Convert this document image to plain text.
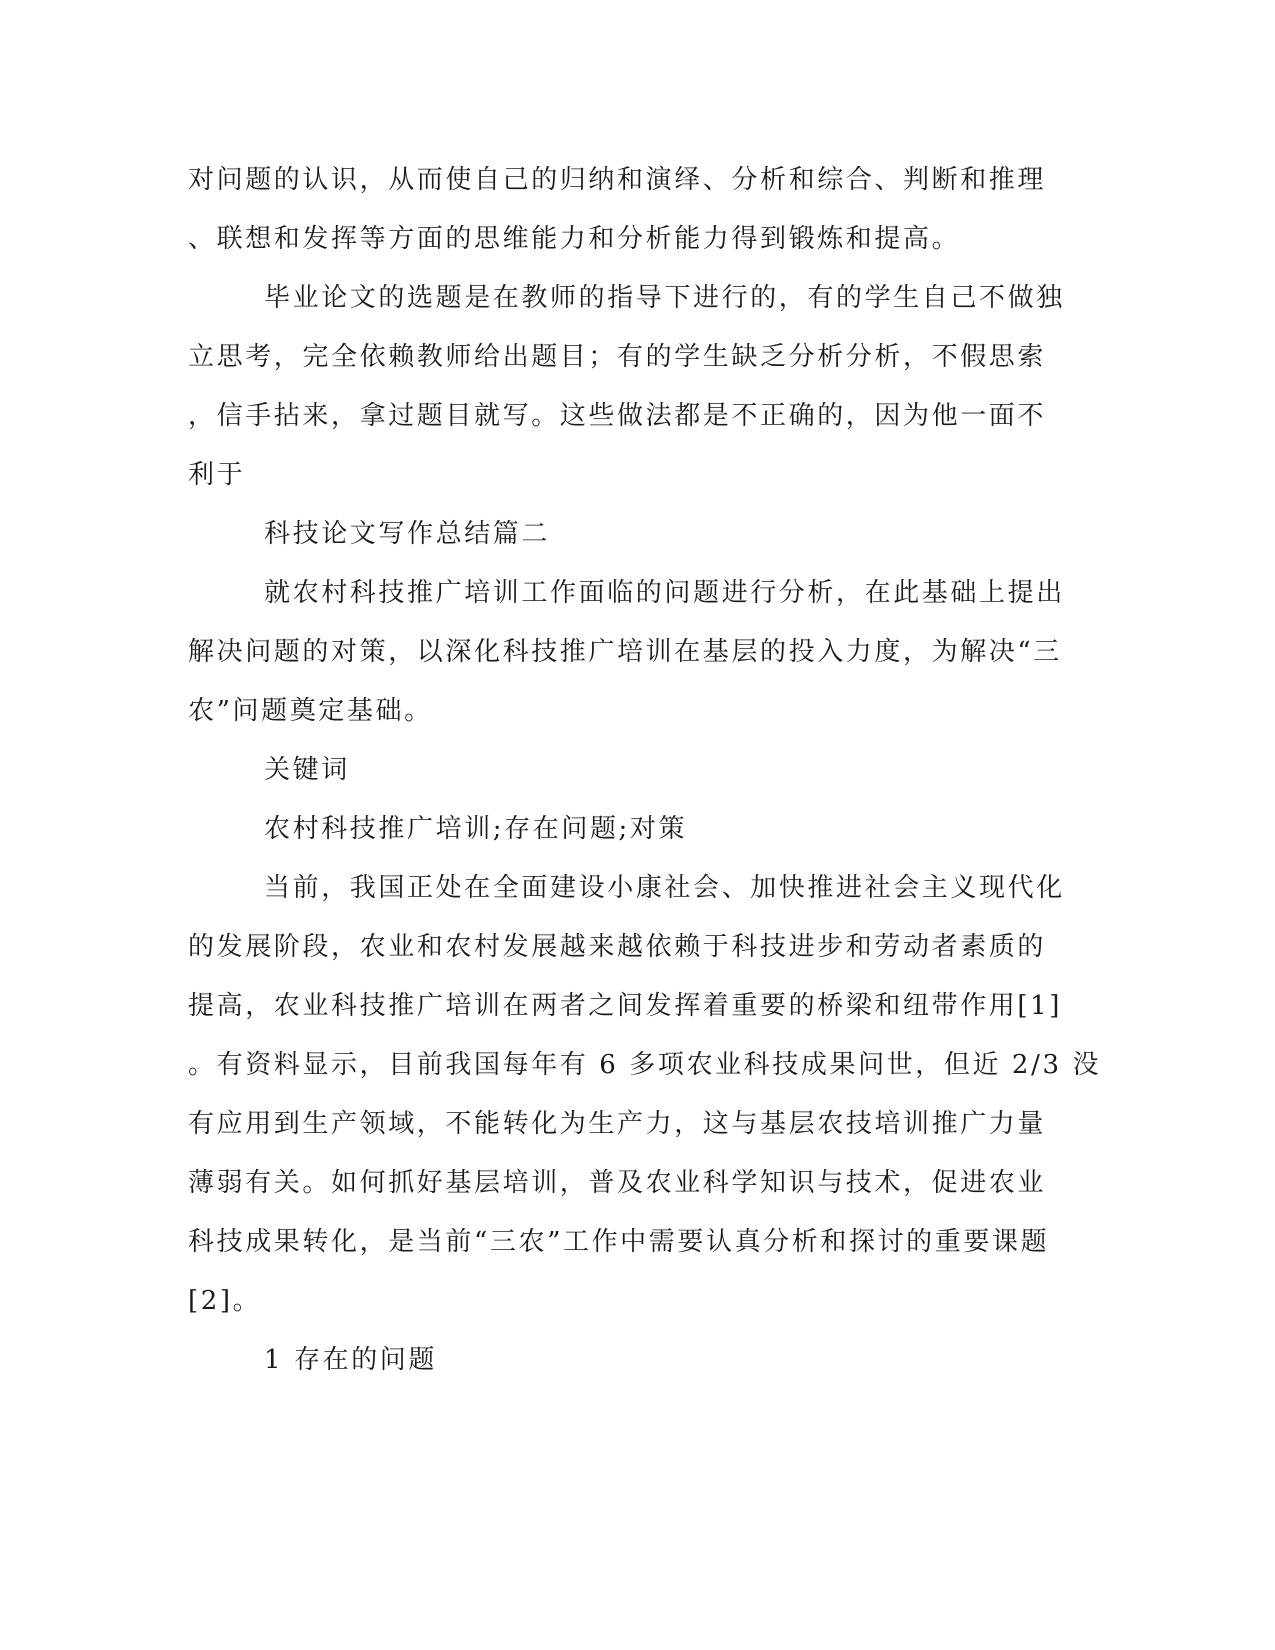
对问题的认识，从而使自己的归纳和演绎、分析和综合、判断和推理
、联想和发挥等方面的思维能力和分析能力得到锻炼和提高。
毕业论文的选题是在教师的指导下进行的，有的学生自己不做独
立思考，完全依赖教师给出题目；有的学生缺乏分析分析，不假思索
，信手拈来，拿过题目就写。这些做法都是不正确的，因为他一面不
利于
科技论文写作总结篇二
就农村科技推广培训工作面临的问题进行分析，在此基础上提出
解决问题的对策，以深化科技推广培训在基层的投入力度，为解决“三
农”问题奠定基础。
关键词
农村科技推广培训;存在问题;对策
当前，我国正处在全面建设小康社会、加快推进社会主义现代化
的发展阶段，农业和农村发展越来越依赖于科技进步和劳动者素质的
提高，农业科技推广培训在两者之间发挥着重要的桥梁和纽带作用[1]
。有资料显示，目前我国每年有 6 多项农业科技成果问世，但近 2/3 没
有应用到生产领域，不能转化为生产力，这与基层农技培训推广力量
薄弱有关。如何抓好基层培训，普及农业科学知识与技术，促进农业
科技成果转化，是当前“三农”工作中需要认真分析和探讨的重要课题
[2]。
1 存在的问题
